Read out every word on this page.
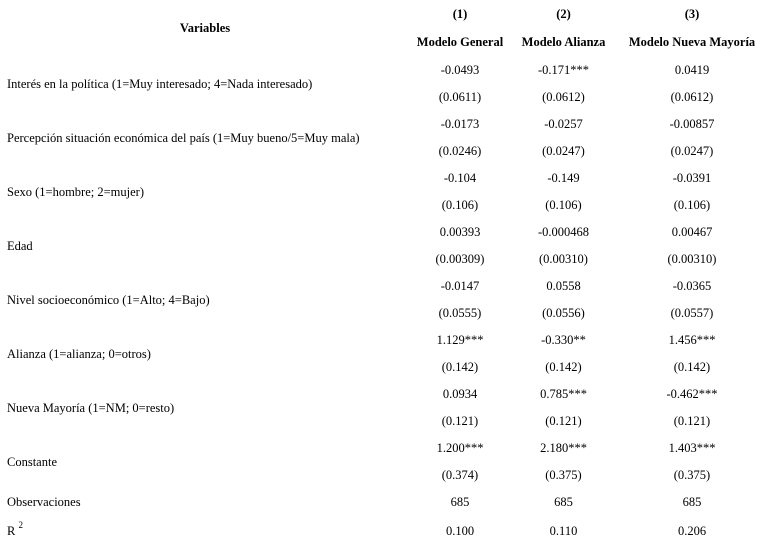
Variables	(1)	(2)	(3)
	Modelo General	Modelo Alianza	Modelo Nueva Mayoría
Interés en la política (1=Muy interesado; 4=Nada interesado)	-0.0493	-0.171***	0.0419
	(0.0611)	(0.0612)	(0.0612)
Percepción situación económica del país (1=Muy bueno/5=Muy mala)	-0.0173	-0.0257	-0.00857
	(0.0246)	(0.0247)	(0.0247)
Sexo (1=hombre; 2=mujer)	-0.104	-0.149	-0.0391
	(0.106)	(0.106)	(0.106)
Edad	0.00393	-0.000468	0.00467
	(0.00309)	(0.00310)	(0.00310)
Nivel socioeconómico (1=Alto; 4=Bajo)	-0.0147	0.0558	-0.0365
	(0.0555)	(0.0556)	(0.0557)
Alianza (1=alianza; 0=otros)	1.129***	-0.330**	1.456***
	(0.142)	(0.142)	(0.142)
Nueva Mayoría (1=NM; 0=resto)	0.0934	0.785***	-0.462***
	(0.121)	(0.121)	(0.121)
Constante	1.200***	2.180***	1.403***
	(0.374)	(0.375)	(0.375)
Observaciones	685	685	685
R $^2$	0.100	0.110	0.206
